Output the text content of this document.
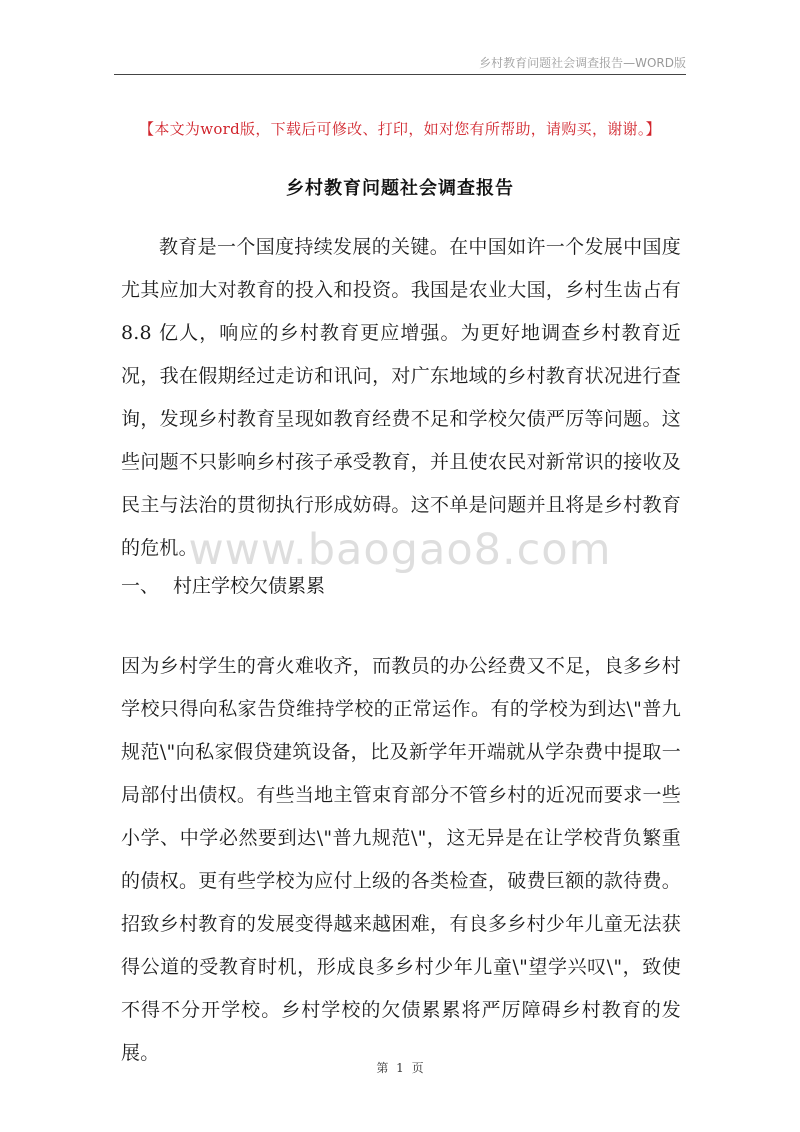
乡村教育问题社会调查报告—WORD版
【本文为word版，下载后可修改、打印，如对您有所帮助，请购买，谢谢。】
乡村教育问题社会调查报告
教育是一个国度持续发展的关键。在中国如许一个发展中国度尤其应加大对教育的投入和投资。我国是农业大国，乡村生齿占有 8.8 亿人，响应的乡村教育更应增强。为更好地调查乡村教育近况，我在假期经过走访和讯问，对广东地域的乡村教育状况进行查询，发现乡村教育呈现如教育经费不足和学校欠债严厉等问题。这些问题不只影响乡村孩子承受教育，并且使农民对新常识的接收及民主与法治的贯彻执行形成妨碍。这不单是问题并且将是乡村教育的危机。
www.baogao8.com
一、 村庄学校欠债累累
因为乡村学生的膏火难收齐，而教员的办公经费又不足，良多乡村学校只得向私家告贷维持学校的正常运作。有的学校为到达\"普九规范\"向私家假贷建筑设备，比及新学年开端就从学杂费中提取一局部付出债权。有些当地主管束育部分不管乡村的近况而要求一些小学、中学必然要到达\"普九规范\"，这无异是在让学校背负繁重的债权。更有些学校为应付上级的各类检查，破费巨额的款待费。招致乡村教育的发展变得越来越困难，有良多乡村少年儿童无法获得公道的受教育时机，形成良多乡村少年儿童\"望学兴叹\"，致使不得不分开学校。乡村学校的欠债累累将严厉障碍乡村教育的发展。
第 1 页
